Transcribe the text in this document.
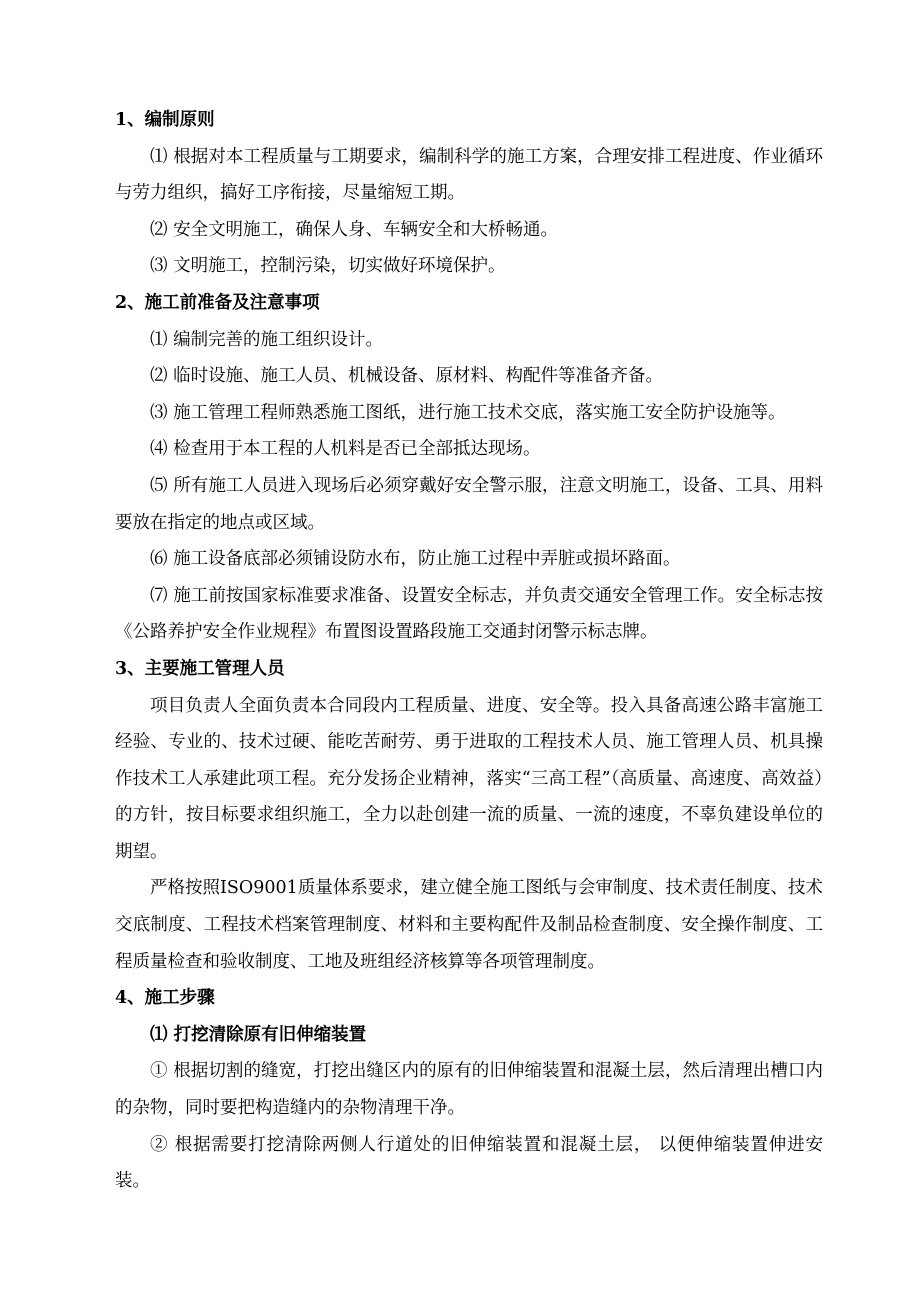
1、编制原则

⑴ 根据对本工程质量与工期要求，编制科学的施工方案，合理安排工程进度、作业循环与劳力组织，搞好工序衔接，尽量缩短工期。

⑵ 安全文明施工，确保人身、车辆安全和大桥畅通。

⑶ 文明施工，控制污染，切实做好环境保护。

2、施工前准备及注意事项

⑴ 编制完善的施工组织设计。

⑵ 临时设施、施工人员、机械设备、原材料、构配件等准备齐备。

⑶ 施工管理工程师熟悉施工图纸，进行施工技术交底，落实施工安全防护设施等。

⑷ 检查用于本工程的人机料是否已全部抵达现场。

⑸ 所有施工人员进入现场后必须穿戴好安全警示服，注意文明施工，设备、工具、用料要放在指定的地点或区域。

⑹ 施工设备底部必须铺设防水布，防止施工过程中弄脏或损坏路面。

⑺ 施工前按国家标准要求准备、设置安全标志，并负责交通安全管理工作。安全标志按《公路养护安全作业规程》布置图设置路段施工交通封闭警示标志牌。

3、主要施工管理人员

项目负责人全面负责本合同段内工程质量、进度、安全等。投入具备高速公路丰富施工经验、专业的、技术过硬、能吃苦耐劳、勇于进取的工程技术人员、施工管理人员、机具操作技术工人承建此项工程。充分发扬企业精神，落实“三高工程”（高质量、高速度、高效益）的方针，按目标要求组织施工，全力以赴创建一流的质量、一流的速度，不辜负建设单位的期望。

严格按照ISO9001质量体系要求，建立健全施工图纸与会审制度、技术责任制度、技术交底制度、工程技术档案管理制度、材料和主要构配件及制品检查制度、安全操作制度、工程质量检查和验收制度、工地及班组经济核算等各项管理制度。

4、施工步骤

⑴ 打挖清除原有旧伸缩装置

① 根据切割的缝宽，打挖出缝区内的原有的旧伸缩装置和混凝土层，然后清理出槽口内的杂物，同时要把构造缝内的杂物清理干净。

② 根据需要打挖清除两侧人行道处的旧伸缩装置和混凝土层， 以便伸缩装置伸进安装。
